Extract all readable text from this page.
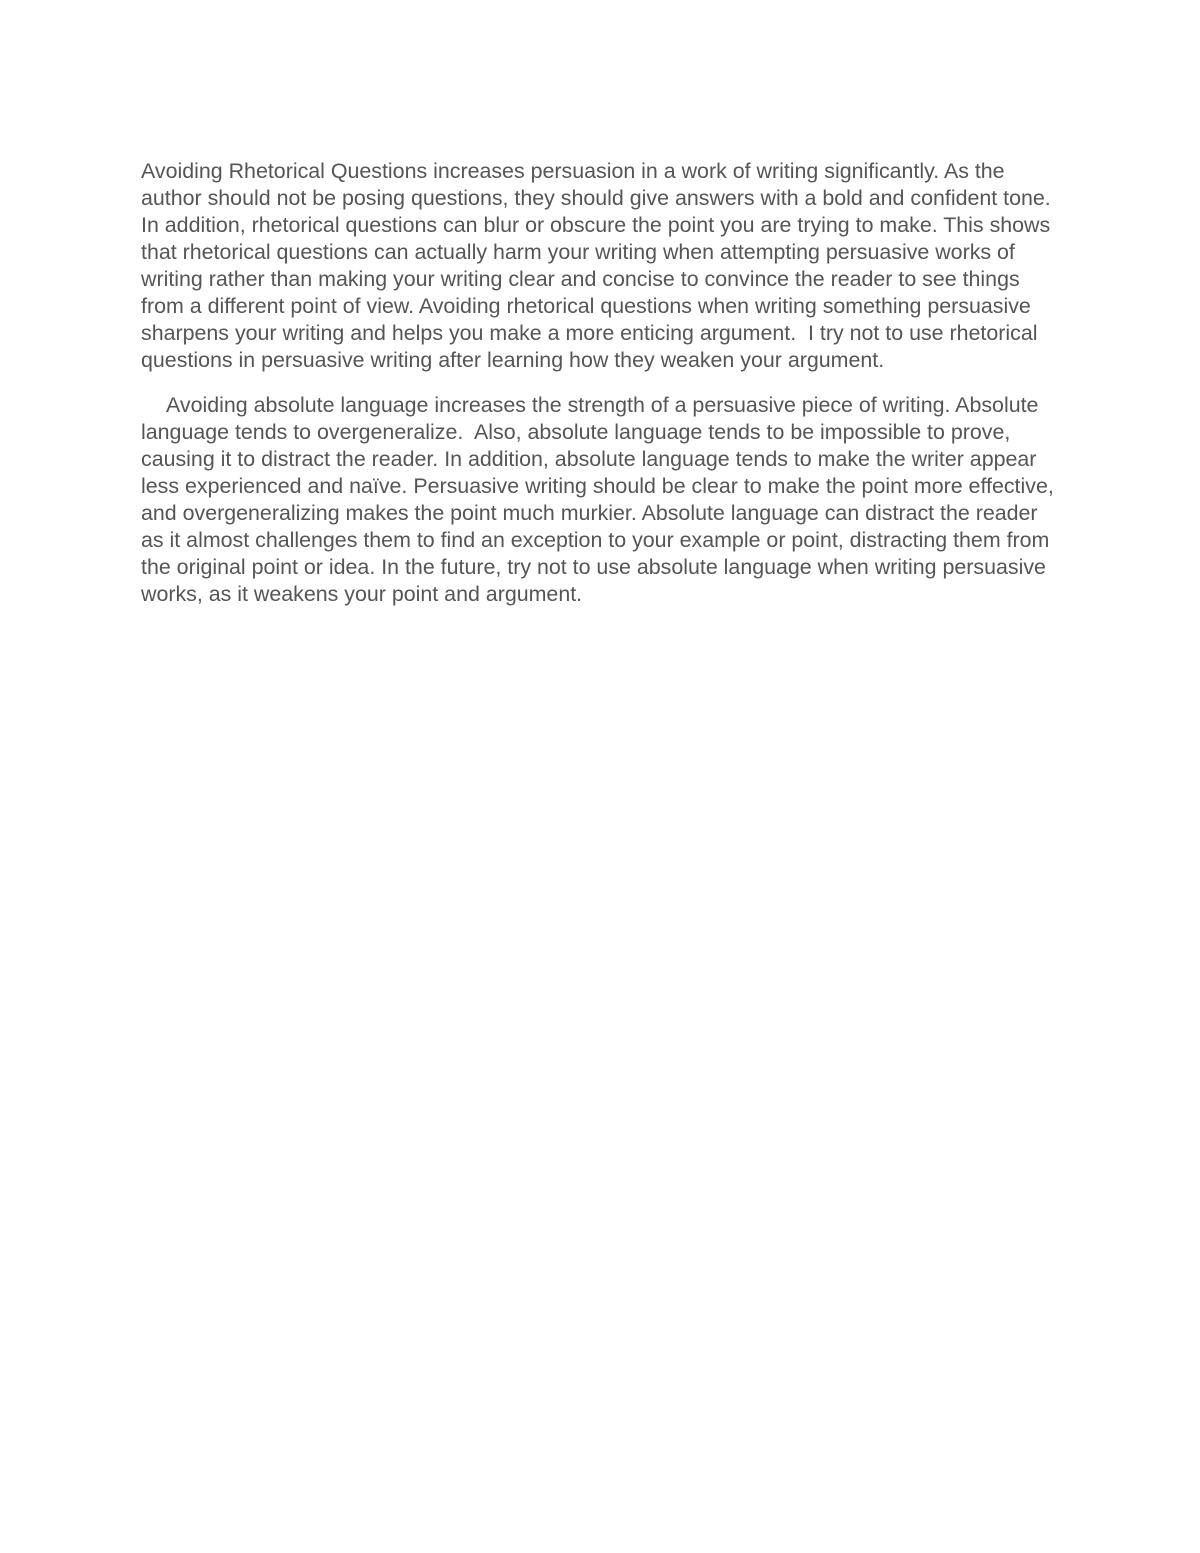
Avoiding Rhetorical Questions increases persuasion in a work of writing significantly. As the author should not be posing questions, they should give answers with a bold and confident tone. In addition, rhetorical questions can blur or obscure the point you are trying to make. This shows that rhetorical questions can actually harm your writing when attempting persuasive works of writing rather than making your writing clear and concise to convince the reader to see things from a different point of view. Avoiding rhetorical questions when writing something persuasive sharpens your writing and helps you make a more enticing argument.  I try not to use rhetorical questions in persuasive writing after learning how they weaken your argument.

Avoiding absolute language increases the strength of a persuasive piece of writing. Absolute language tends to overgeneralize.  Also, absolute language tends to be impossible to prove, causing it to distract the reader. In addition, absolute language tends to make the writer appear less experienced and naïve. Persuasive writing should be clear to make the point more effective, and overgeneralizing makes the point much murkier. Absolute language can distract the reader as it almost challenges them to find an exception to your example or point, distracting them from the original point or idea. In the future, try not to use absolute language when writing persuasive works, as it weakens your point and argument.
